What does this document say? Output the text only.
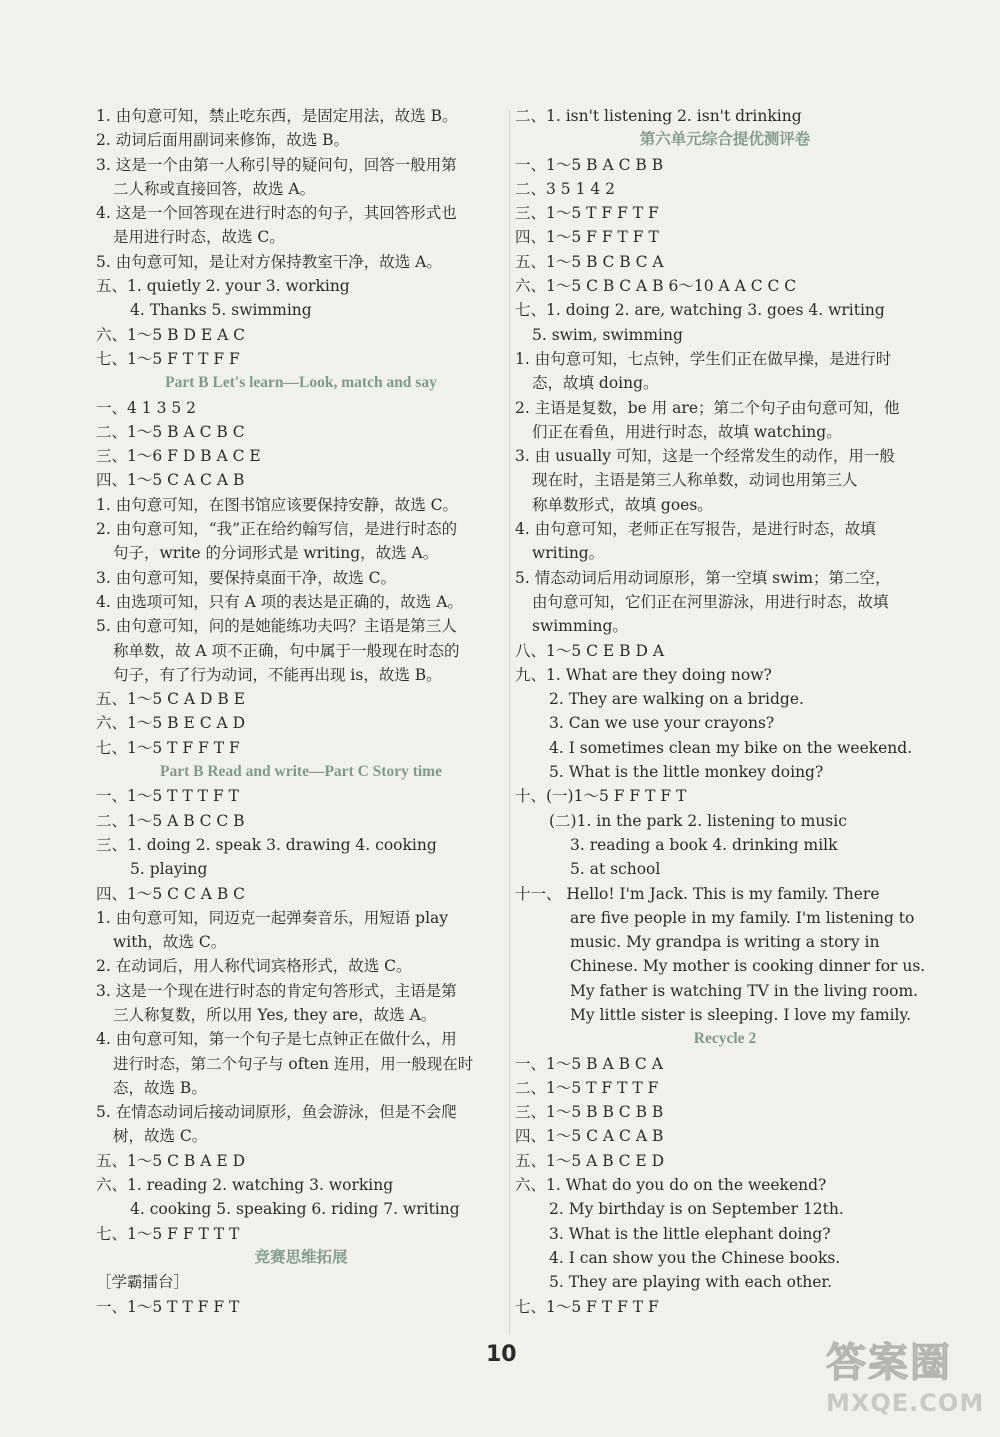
1. 由句意可知，禁止吃东西，是固定用法，故选 B。
2. 动词后面用副词来修饰，故选 B。
3. 这是一个由第一人称引导的疑问句，回答一般用第
二人称或直接回答，故选 A。
4. 这是一个回答现在进行时态的句子，其回答形式也
是用进行时态，故选 C。
5. 由句意可知，是让对方保持教室干净，故选 A。
五、1. quietly 2. your 3. working
4. Thanks 5. swimming
六、1～5 B D E A C
七、1～5 F T T F F
Part B Let's learn—Look, match and say
一、4 1 3 5 2
二、1～5 B A C B C
三、1～6 F D B A C E
四、1～5 C A C A B
1. 由句意可知，在图书馆应该要保持安静，故选 C。
2. 由句意可知，“我”正在给约翰写信，是进行时态的
句子，write 的分词形式是 writing，故选 A。
3. 由句意可知，要保持桌面干净，故选 C。
4. 由选项可知，只有 A 项的表达是正确的，故选 A。
5. 由句意可知，问的是她能练功夫吗？主语是第三人
称单数，故 A 项不正确，句中属于一般现在时态的
句子，有了行为动词，不能再出现 is，故选 B。
五、1～5 C A D B E
六、1～5 B E C A D
七、1～5 T F F T F
Part B Read and write—Part C Story time
一、1～5 T T T F T
二、1～5 A B C C B
三、1. doing 2. speak 3. drawing 4. cooking
5. playing
四、1～5 C C A B C
1. 由句意可知，同迈克一起弹奏音乐，用短语 play
with，故选 C。
2. 在动词后，用人称代词宾格形式，故选 C。
3. 这是一个现在进行时态的肯定句答形式，主语是第
三人称复数，所以用 Yes, they are，故选 A。
4. 由句意可知，第一个句子是七点钟正在做什么，用
进行时态，第二个句子与 often 连用，用一般现在时
态，故选 B。
5. 在情态动词后接动词原形，鱼会游泳，但是不会爬
树，故选 C。
五、1～5 C B A E D
六、1. reading 2. watching 3. working
4. cooking 5. speaking 6. riding 7. writing
七、1～5 F F T T T
竞赛思维拓展
［学霸擂台］
一、1～5 T T F F T
二、1. isn't listening 2. isn't drinking
第六单元综合提优测评卷
一、1～5 B A C B B
二、3 5 1 4 2
三、1～5 T F F T F
四、1～5 F F T F T
五、1～5 B C B C A
六、1～5 C B C A B 6～10 A A C C C
七、1. doing 2. are, watching 3. goes 4. writing
5. swim, swimming
1. 由句意可知，七点钟，学生们正在做早操，是进行时
态，故填 doing。
2. 主语是复数，be 用 are；第二个句子由句意可知，他
们正在看鱼，用进行时态，故填 watching。
3. 由 usually 可知，这是一个经常发生的动作，用一般
现在时，主语是第三人称单数，动词也用第三人
称单数形式，故填 goes。
4. 由句意可知，老师正在写报告，是进行时态，故填
writing。
5. 情态动词后用动词原形，第一空填 swim；第二空，
由句意可知，它们正在河里游泳，用进行时态，故填
swimming。
八、1～5 C E B D A
九、1. What are they doing now?
2. They are walking on a bridge.
3. Can we use your crayons?
4. I sometimes clean my bike on the weekend.
5. What is the little monkey doing?
十、(一)1～5 F F T F T
(二)1. in the park 2. listening to music
3. reading a book 4. drinking milk
5. at school
十一、 Hello! I'm Jack. This is my family. There
are five people in my family. I'm listening to
music. My grandpa is writing a story in
Chinese. My mother is cooking dinner for us.
My father is watching TV in the living room.
My little sister is sleeping. I love my family.
Recycle 2
一、1～5 B A B C A
二、1～5 T F T T F
三、1～5 B B C B B
四、1～5 C A C A B
五、1～5 A B C E D
六、1. What do you do on the weekend?
2. My birthday is on September 12th.
3. What is the little elephant doing?
4. I can show you the Chinese books.
5. They are playing with each other.
七、1～5 F T F T F
10	答案圈
MXQE.COM
